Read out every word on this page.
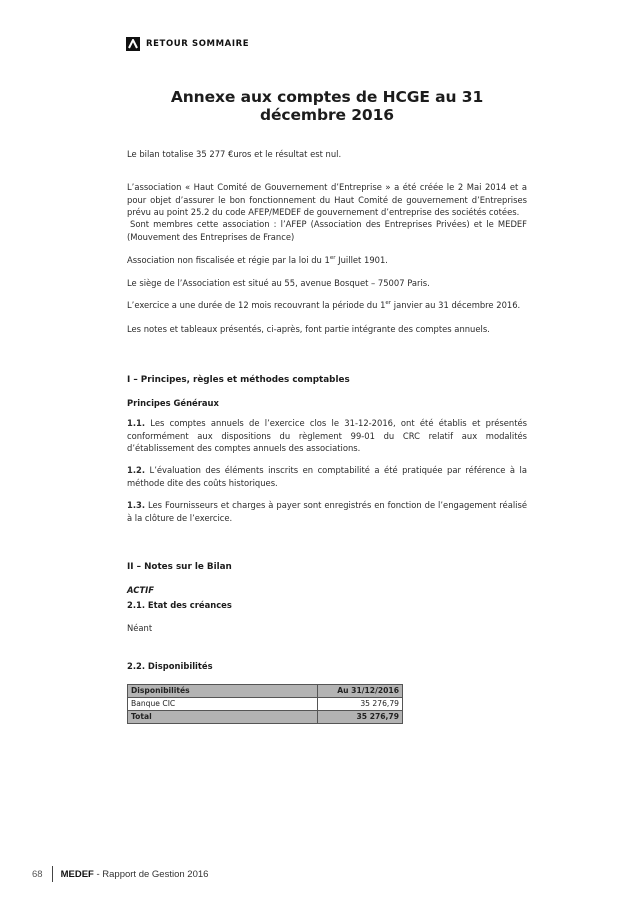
RETOUR SOMMAIRE
Annexe aux comptes de HCGE au 31 décembre 2016

Le bilan totalise 35 277 €uros et le résultat est nul.

L’association « Haut Comité de Gouvernement d’Entreprise » a été créée le 2 Mai 2014 et a pour objet d’assurer le bon fonctionnement du Haut Comité de gouvernement d’Entreprises prévu au point 25.2 du code AFEP/MEDEF de gouvernement d’entreprise des sociétés cotées.

Sont membres cette association : l’AFEP (Association des Entreprises Privées) et le MEDEF (Mouvement des Entreprises de France)

Association non fiscalisée et régie par la loi du 1er Juillet 1901.

Le siège de l’Association est situé au 55, avenue Bosquet – 75007 Paris.

L’exercice a une durée de 12 mois recouvrant la période du 1er janvier au 31 décembre 2016.

Les notes et tableaux présentés, ci-après, font partie intégrante des comptes annuels.

I – Principes, règles et méthodes comptables

Principes Généraux

1.1. Les comptes annuels de l’exercice clos le 31-12-2016, ont été établis et présentés conformément aux dispositions du règlement 99-01 du CRC relatif aux modalités d’établissement des comptes annuels des associations.

1.2. L’évaluation des éléments inscrits en comptabilité a été pratiquée par référence à la méthode dite des coûts historiques.

1.3. Les Fournisseurs et charges à payer sont enregistrés en fonction de l’engagement réalisé à la clôture de l’exercice.

II – Notes sur le Bilan

ACTIF

2.1. Etat des créances

Néant

2.2. Disponibilités

Disponibilités	Au 31/12/2016
Banque CIC	35 276,79
Total	35 276,79
68 MEDEF - Rapport de Gestion 2016
